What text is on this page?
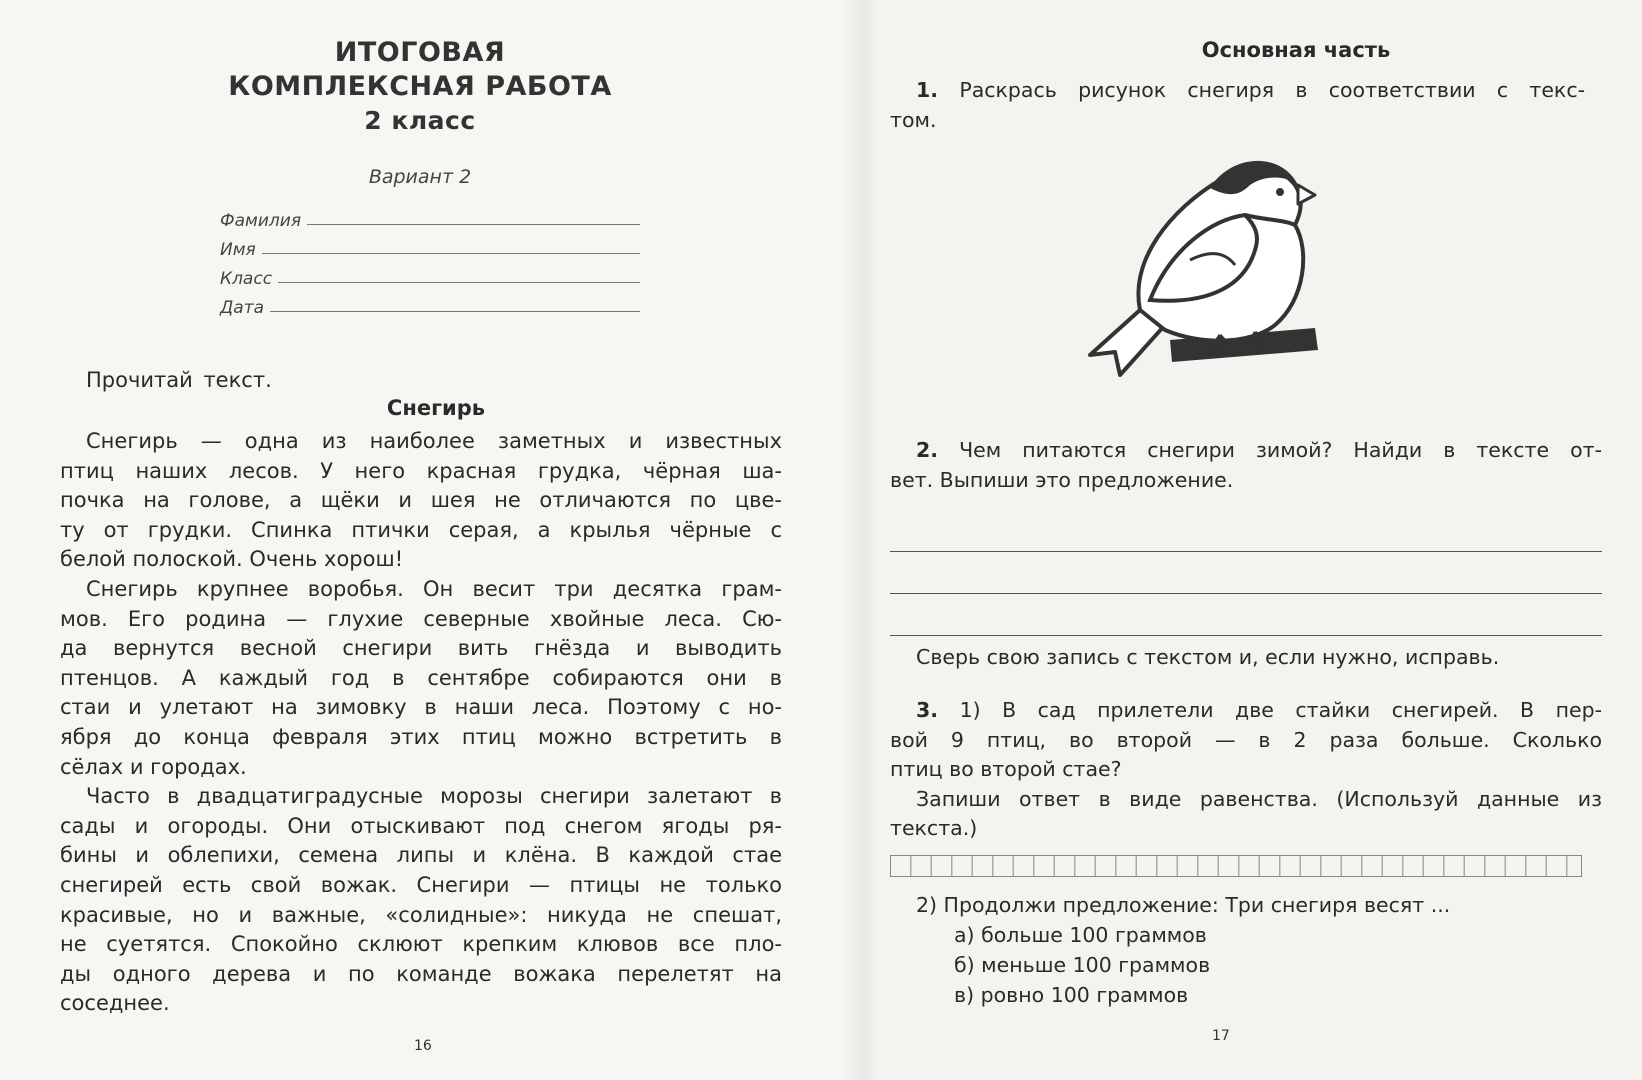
ИТОГОВАЯ
КОМПЛЕКСНАЯ РАБОТА
2 класс
Вариант 2
Фамилия
Имя
Класс
Дата
Прочитай текст.
Снегирь

Снегирь — одна из наиболее заметных и известных
птиц наших лесов. У него красная грудка, чёрная ша-
почка на голове, а щёки и шея не отличаются по цве-
ту от грудки. Спинка птички серая, а крылья чёрные с
белой полоской. Очень хорош!

Снегирь крупнее воробья. Он весит три десятка грам-
мов. Его родина — глухие северные хвойные леса. Сю-
да вернутся весной снегири вить гнёзда и выводить
птенцов. А каждый год в сентябре собираются они в
стаи и улетают на зимовку в наши леса. Поэтому с но-
ября до конца февраля этих птиц можно встретить в
сёлах и городах.

Часто в двадцатиградусные морозы снегири залетают в
сады и огороды. Они отыскивают под снегом ягоды ря-
бины и облепихи, семена липы и клёна. В каждой стае
снегирей есть свой вожак. Снегири — птицы не только
красивые, но и важные, «солидные»: никуда не спешат,
не суетятся. Спокойно склюют крепким клювов все пло-
ды одного дерева и по команде вожака перелетят на
соседнее.

16
Основная часть
1. Раскрась рисунок снегиря в соответствии с текс-
том.
2. Чем питаются снегири зимой? Найди в тексте от-
вет. Выпиши это предложение.
Сверь свою запись с текстом и, если нужно, исправь.
3. 1) В сад прилетели две стайки снегирей. В пер-
вой 9 птиц, во второй — в 2 раза больше. Сколько
птиц во второй стае?
Запиши ответ в виде равенства. (Используй данные из
текста.)
2) Продолжи предложение: Три снегиря весят ...
а) больше 100 граммов
б) меньше 100 граммов
в) ровно 100 граммов
17
